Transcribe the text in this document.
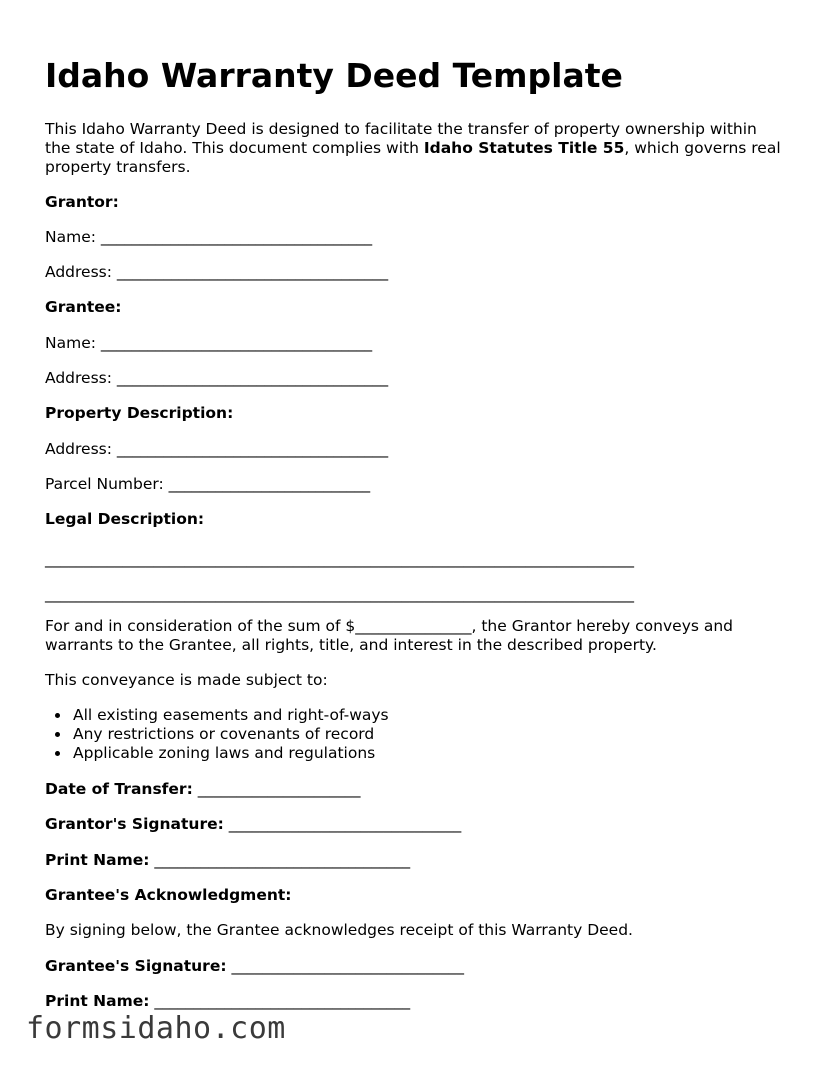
Idaho Warranty Deed Template
This Idaho Warranty Deed is designed to facilitate the transfer of property ownership within the state of Idaho. This document complies with Idaho Statutes Title 55, which governs real property transfers.
Grantor:
Name: ___________________________________
Address: ___________________________________
Grantee:
Name: ___________________________________
Address: ___________________________________
Property Description:
Address: ___________________________________
Parcel Number: __________________________
Legal Description:
____________________________________________________________________________
____________________________________________________________________________
For and in consideration of the sum of $_______________, the Grantor hereby conveys and
warrants to the Grantee, all rights, title, and interest in the described property.
This conveyance is made subject to:
• All existing easements and right-of-ways
• Any restrictions or covenants of record
• Applicable zoning laws and regulations
Date of Transfer: _____________________
Grantor's Signature: ______________________________
Print Name: _________________________________
Grantee's Acknowledgment:
By signing below, the Grantee acknowledges receipt of this Warranty Deed.
Grantee's Signature: ______________________________
Print Name: _________________________________
formsidaho.com
